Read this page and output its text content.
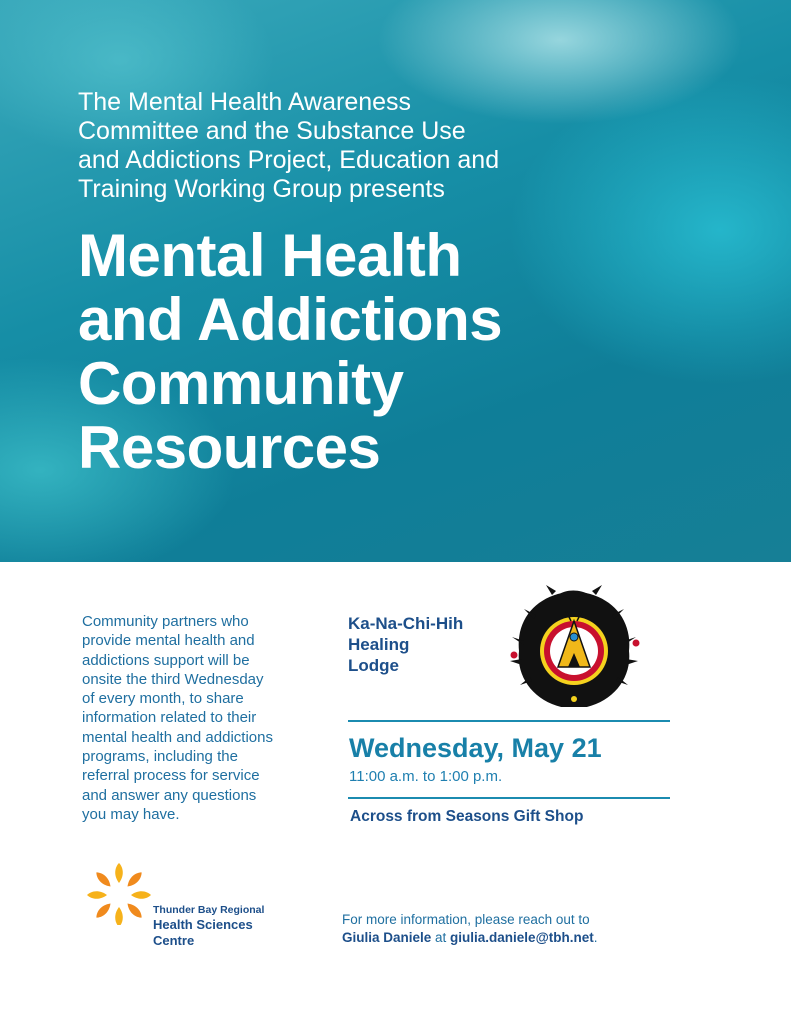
The Mental Health Awareness
Committee and the Substance Use
and Addictions Project, Education and
Training Working Group presents
Mental Health
and Addictions
Community
Resources
Community partners who
provide mental health and
addictions support will be
onsite the third Wednesday
of every month, to share
information related to their
mental health and addictions
programs, including the
referral process for service
and answer any questions
you may have.
Ka-Na-Chi-Hih
Healing
Lodge
Wednesday, May 21
11:00 a.m. to 1:00 p.m.
Across from Seasons Gift Shop
Thunder Bay Regional
Health Sciences
Centre
For more information, please reach out to
Giulia Daniele at giulia.daniele@tbh.net.
